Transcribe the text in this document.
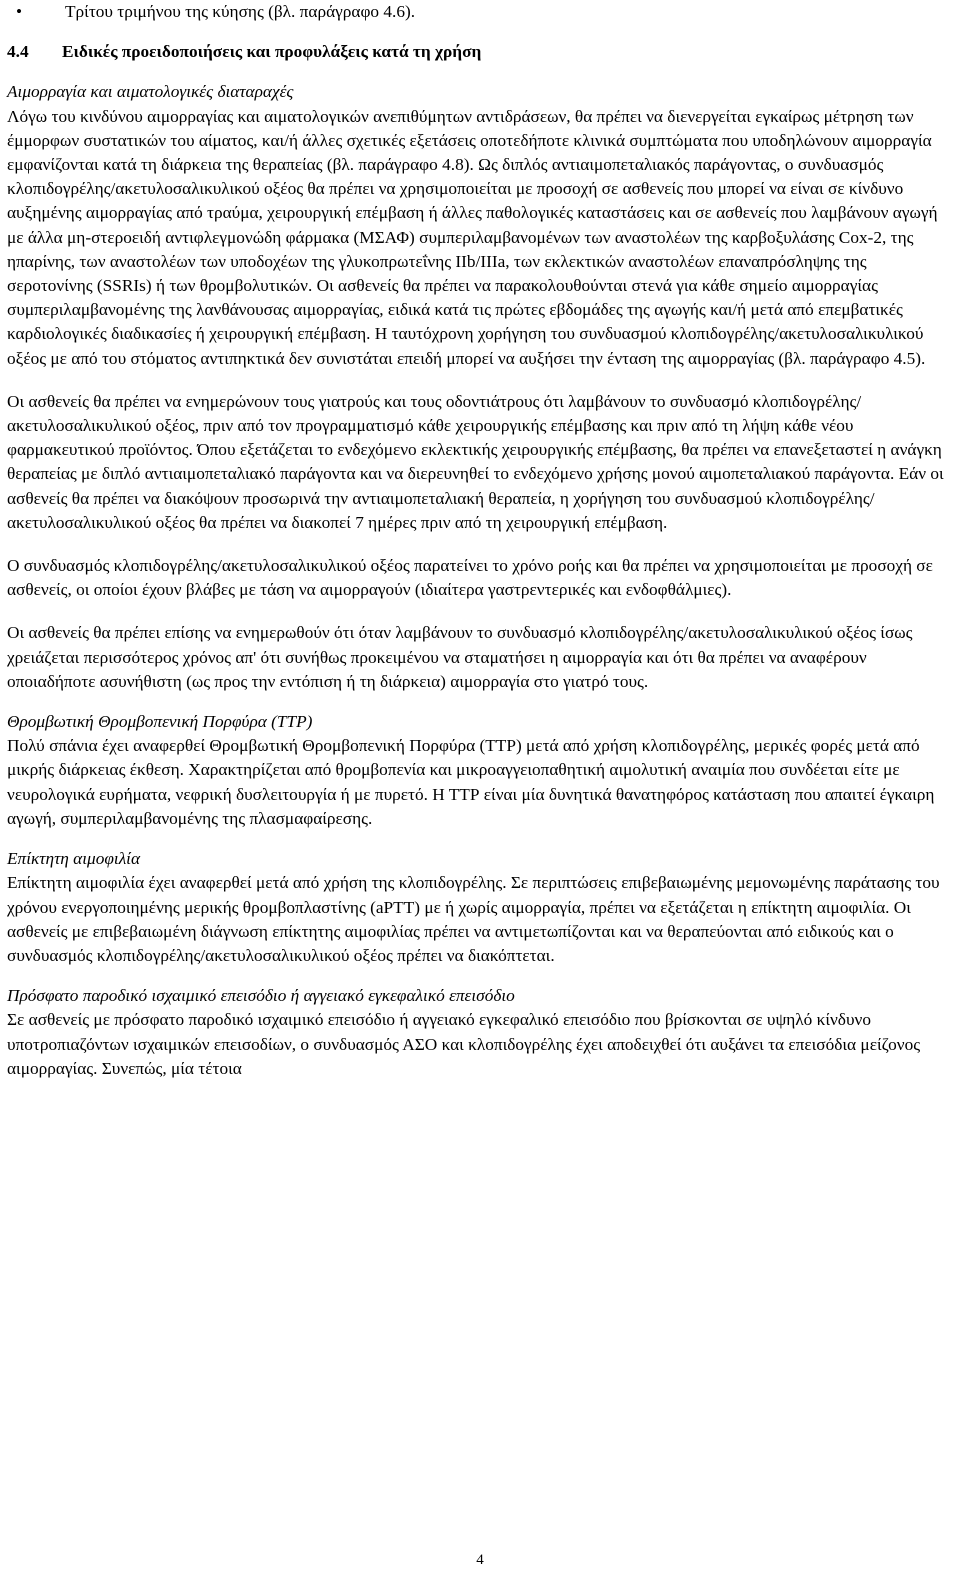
• Τρίτου τριμήνου της κύησης (βλ. παράγραφο 4.6).
4.4 Ειδικές προειδοποιήσεις και προφυλάξεις κατά τη χρήση
Αιμορραγία και αιματολογικές διαταραχές

Λόγω του κινδύνου αιμορραγίας και αιματολογικών ανεπιθύμητων αντιδράσεων, θα πρέπει να διενεργείται εγκαίρως μέτρηση των έμμορφων συστατικών του αίματος, και/ή άλλες σχετικές εξετάσεις οποτεδήποτε κλινικά συμπτώματα που υποδηλώνουν αιμορραγία εμφανίζονται κατά τη διάρκεια της θεραπείας (βλ. παράγραφο 4.8). Ως διπλός αντιαιμοπεταλιακός παράγοντας, ο συνδυασμός κλοπιδογρέλης/ακετυλοσαλικυλικού οξέος θα πρέπει να χρησιμοποιείται με προσοχή σε ασθενείς που μπορεί να είναι σε κίνδυνο αυξημένης αιμορραγίας από τραύμα, χειρουργική επέμβαση ή άλλες παθολογικές καταστάσεις και σε ασθενείς που λαμβάνουν αγωγή με άλλα μη-στεροειδή αντιφλεγμονώδη φάρμακα (ΜΣΑΦ) συμπεριλαμβανομένων των αναστολέων της καρβοξυλάσης Cox-2, της ηπαρίνης, των αναστολέων των υποδοχέων της γλυκοπρωτεΐνης IIb/IIIa, των εκλεκτικών αναστολέων επαναπρόσληψης της σεροτονίνης (SSRIs) ή των θρομβολυτικών. Οι ασθενείς θα πρέπει να παρακολουθούνται στενά για κάθε σημείο αιμορραγίας συμπεριλαμβανομένης της λανθάνουσας αιμορραγίας, ειδικά κατά τις πρώτες εβδομάδες της αγωγής και/ή μετά από επεμβατικές καρδιολογικές διαδικασίες ή χειρουργική επέμβαση. Η ταυτόχρονη χορήγηση του συνδυασμού κλοπιδογρέλης/ακετυλοσαλικυλικού οξέος με από του στόματος αντιπηκτικά δεν συνιστάται επειδή μπορεί να αυξήσει την ένταση της αιμορραγίας (βλ. παράγραφο 4.5).

Οι ασθενείς θα πρέπει να ενημερώνουν τους γιατρούς και τους οδοντιάτρους ότι λαμβάνουν το συνδυασμό κλοπιδογρέλης/ακετυλοσαλικυλικού οξέος, πριν από τον προγραμματισμό κάθε χειρουργικής επέμβασης και πριν από τη λήψη κάθε νέου φαρμακευτικού προϊόντος. Όπου εξετάζεται το ενδεχόμενο εκλεκτικής χειρουργικής επέμβασης, θα πρέπει να επανεξεταστεί η ανάγκη θεραπείας με διπλό αντιαιμοπεταλιακό παράγοντα και να διερευνηθεί το ενδεχόμενο χρήσης μονού αιμοπεταλιακού παράγοντα. Εάν οι ασθενείς θα πρέπει να διακόψουν προσωρινά την αντιαιμοπεταλιακή θεραπεία, η χορήγηση του συνδυασμού κλοπιδογρέλης/ακετυλοσαλικυλικού οξέος θα πρέπει να διακοπεί 7 ημέρες πριν από τη χειρουργική επέμβαση.

Ο συνδυασμός κλοπιδογρέλης/ακετυλοσαλικυλικού οξέος παρατείνει το χρόνο ροής και θα πρέπει να χρησιμοποιείται με προσοχή σε ασθενείς, οι οποίοι έχουν βλάβες με τάση να αιμορραγούν (ιδιαίτερα γαστρεντερικές και ενδοφθάλμιες).

Οι ασθενείς θα πρέπει επίσης να ενημερωθούν ότι όταν λαμβάνουν το συνδυασμό κλοπιδογρέλης/ακετυλοσαλικυλικού οξέος ίσως χρειάζεται περισσότερος χρόνος απ' ότι συνήθως προκειμένου να σταματήσει η αιμορραγία και ότι θα πρέπει να αναφέρουν οποιαδήποτε ασυνήθιστη (ως προς την εντόπιση ή τη διάρκεια) αιμορραγία στο γιατρό τους.

Θρομβωτική Θρομβοπενική Πορφύρα (ΤΤΡ)

Πολύ σπάνια έχει αναφερθεί Θρομβωτική Θρομβοπενική Πορφύρα (ΤΤΡ) μετά από χρήση κλοπιδογρέλης, μερικές φορές μετά από μικρής διάρκειας έκθεση. Χαρακτηρίζεται από θρομβοπενία και μικροαγγειοπαθητική αιμολυτική αναιμία που συνδέεται είτε με νευρολογικά ευρήματα, νεφρική δυσλειτουργία ή με πυρετό. Η ΤΤΡ είναι μία δυνητικά θανατηφόρος κατάσταση που απαιτεί έγκαιρη αγωγή, συμπεριλαμβανομένης της πλασμαφαίρεσης.

Επίκτητη αιμοφιλία

Επίκτητη αιμοφιλία έχει αναφερθεί μετά από χρήση της κλοπιδογρέλης. Σε περιπτώσεις επιβεβαιωμένης μεμονωμένης παράτασης του χρόνου ενεργοποιημένης μερικής θρομβοπλαστίνης (aPTT) με ή χωρίς αιμορραγία, πρέπει να εξετάζεται η επίκτητη αιμοφιλία. Οι ασθενείς με επιβεβαιωμένη διάγνωση επίκτητης αιμοφιλίας πρέπει να αντιμετωπίζονται και να θεραπεύονται από ειδικούς και ο συνδυασμός κλοπιδογρέλης/ακετυλοσαλικυλικού οξέος πρέπει να διακόπτεται.

Πρόσφατο παροδικό ισχαιμικό επεισόδιο ή αγγειακό εγκεφαλικό επεισόδιο

Σε ασθενείς με πρόσφατο παροδικό ισχαιμικό επεισόδιο ή αγγειακό εγκεφαλικό επεισόδιο που βρίσκονται σε υψηλό κίνδυνο υποτροπιαζόντων ισχαιμικών επεισοδίων, ο συνδυασμός ΑΣΟ και κλοπιδογρέλης έχει αποδειχθεί ότι αυξάνει τα επεισόδια μείζονος αιμορραγίας. Συνεπώς, μία τέτοια

4
